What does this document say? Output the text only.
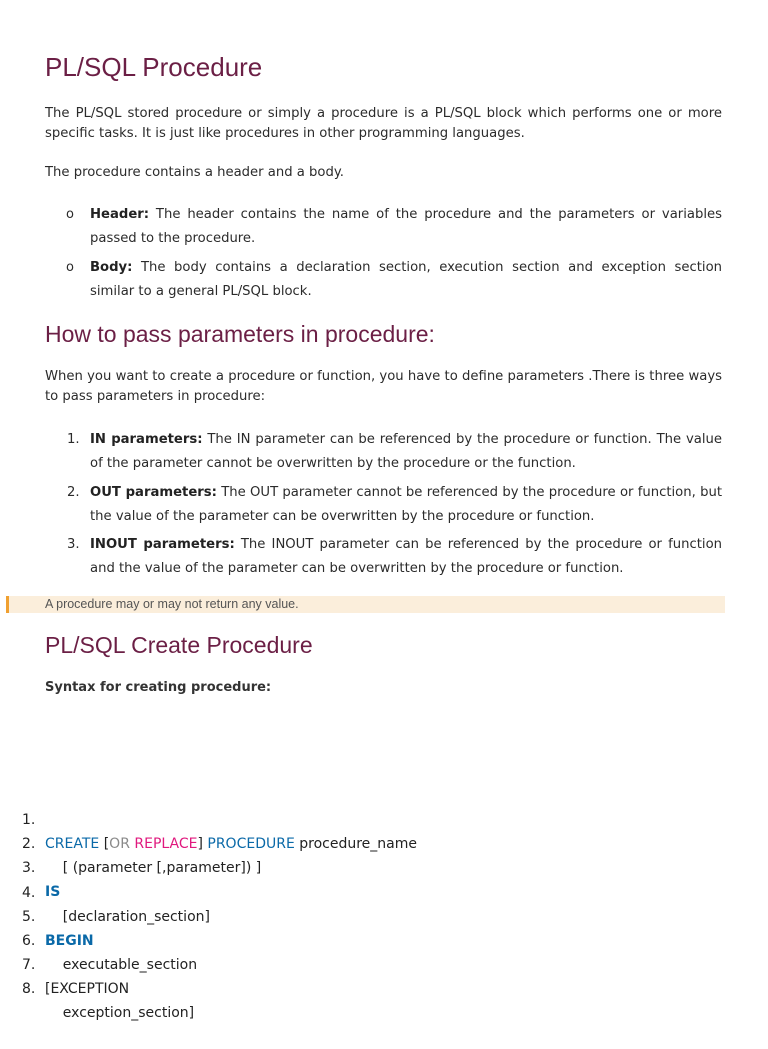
PL/SQL Procedure

The PL/SQL stored procedure or simply a procedure is a PL/SQL block which performs one or more specific tasks. It is just like procedures in other programming languages.

The procedure contains a header and a body.

o Header: The header contains the name of the procedure and the parameters or variables passed to the procedure.
o Body: The body contains a declaration section, execution section and exception section similar to a general PL/SQL block.
How to pass parameters in procedure:

When you want to create a procedure or function, you have to define parameters .There is three ways to pass parameters in procedure:

1. IN parameters: The IN parameter can be referenced by the procedure or function. The value of the parameter cannot be overwritten by the procedure or the function.
2. OUT parameters: The OUT parameter cannot be referenced by the procedure or function, but the value of the parameter can be overwritten by the procedure or function.
3. INOUT parameters: The INOUT parameter can be referenced by the procedure or function and the value of the parameter can be overwritten by the procedure or function.
A procedure may or may not return any value.
PL/SQL Create Procedure
Syntax for creating procedure:

1.

CREATE [OR REPLACE] PROCEDURE procedure_name

2.

[ (parameter [,parameter]) ]

3.

IS

4.

[declaration_section]

5.

BEGIN

6.

executable_section

7.

[EXCEPTION

8.

exception_section]
